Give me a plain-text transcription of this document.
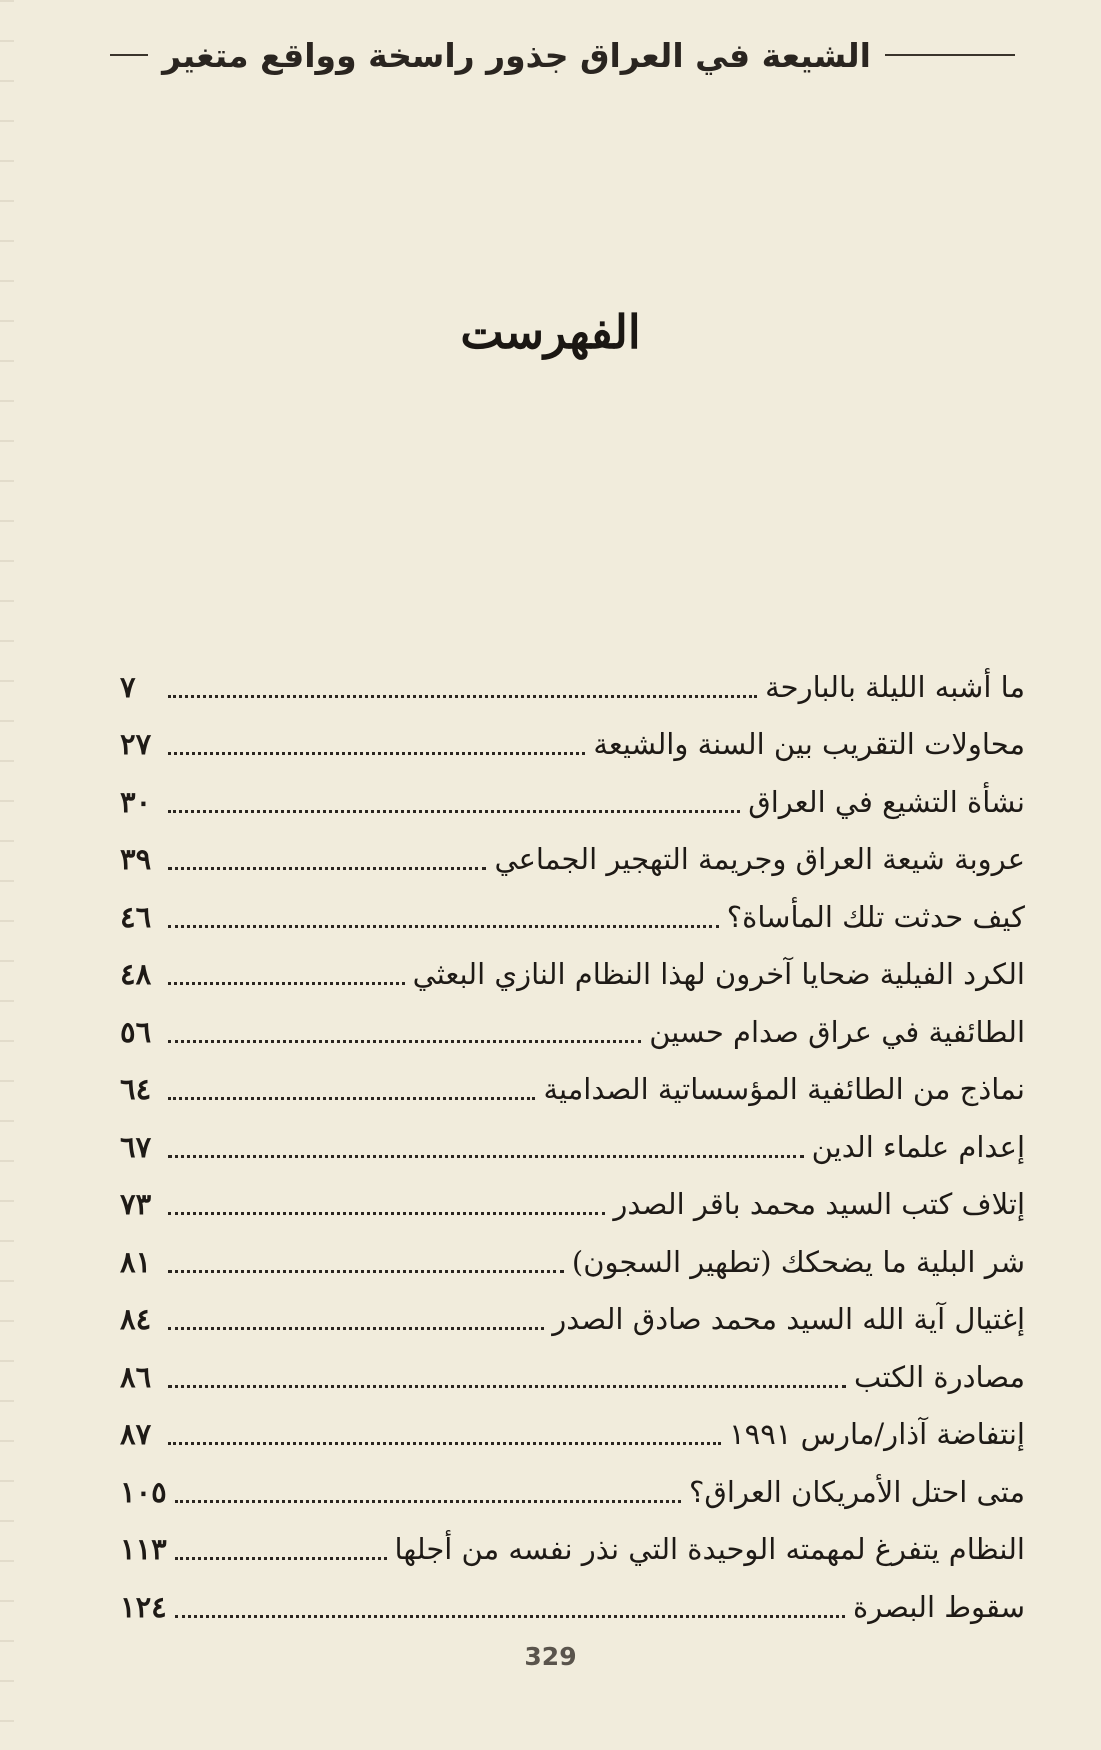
الشيعة في العراق جذور راسخة وواقع متغير
الفهرست
ما أشبه الليلة بالبارحة
٧
محاولات التقريب بين السنة والشيعة
٢٧
نشأة التشيع في العراق
٣٠
عروبة شيعة العراق وجريمة التهجير الجماعي
٣٩
كيف حدثت تلك المأساة؟
٤٦
الكرد الفيلية ضحايا آخرون لهذا النظام النازي البعثي
٤٨
الطائفية في عراق صدام حسين
٥٦
نماذج من الطائفية المؤسساتية الصدامية
٦٤
إعدام علماء الدين
٦٧
إتلاف كتب السيد محمد باقر الصدر
٧٣
شر البلية ما يضحكك (تطهير السجون)
٨١
إغتيال آية الله السيد محمد صادق الصدر
٨٤
مصادرة الكتب
٨٦
إنتفاضة آذار/مارس ١٩٩١
٨٧
متى احتل الأمريكان العراق؟
١٠٥
النظام يتفرغ لمهمته الوحيدة التي نذر نفسه من أجلها
١١٣
سقوط البصرة
١٢٤
329
